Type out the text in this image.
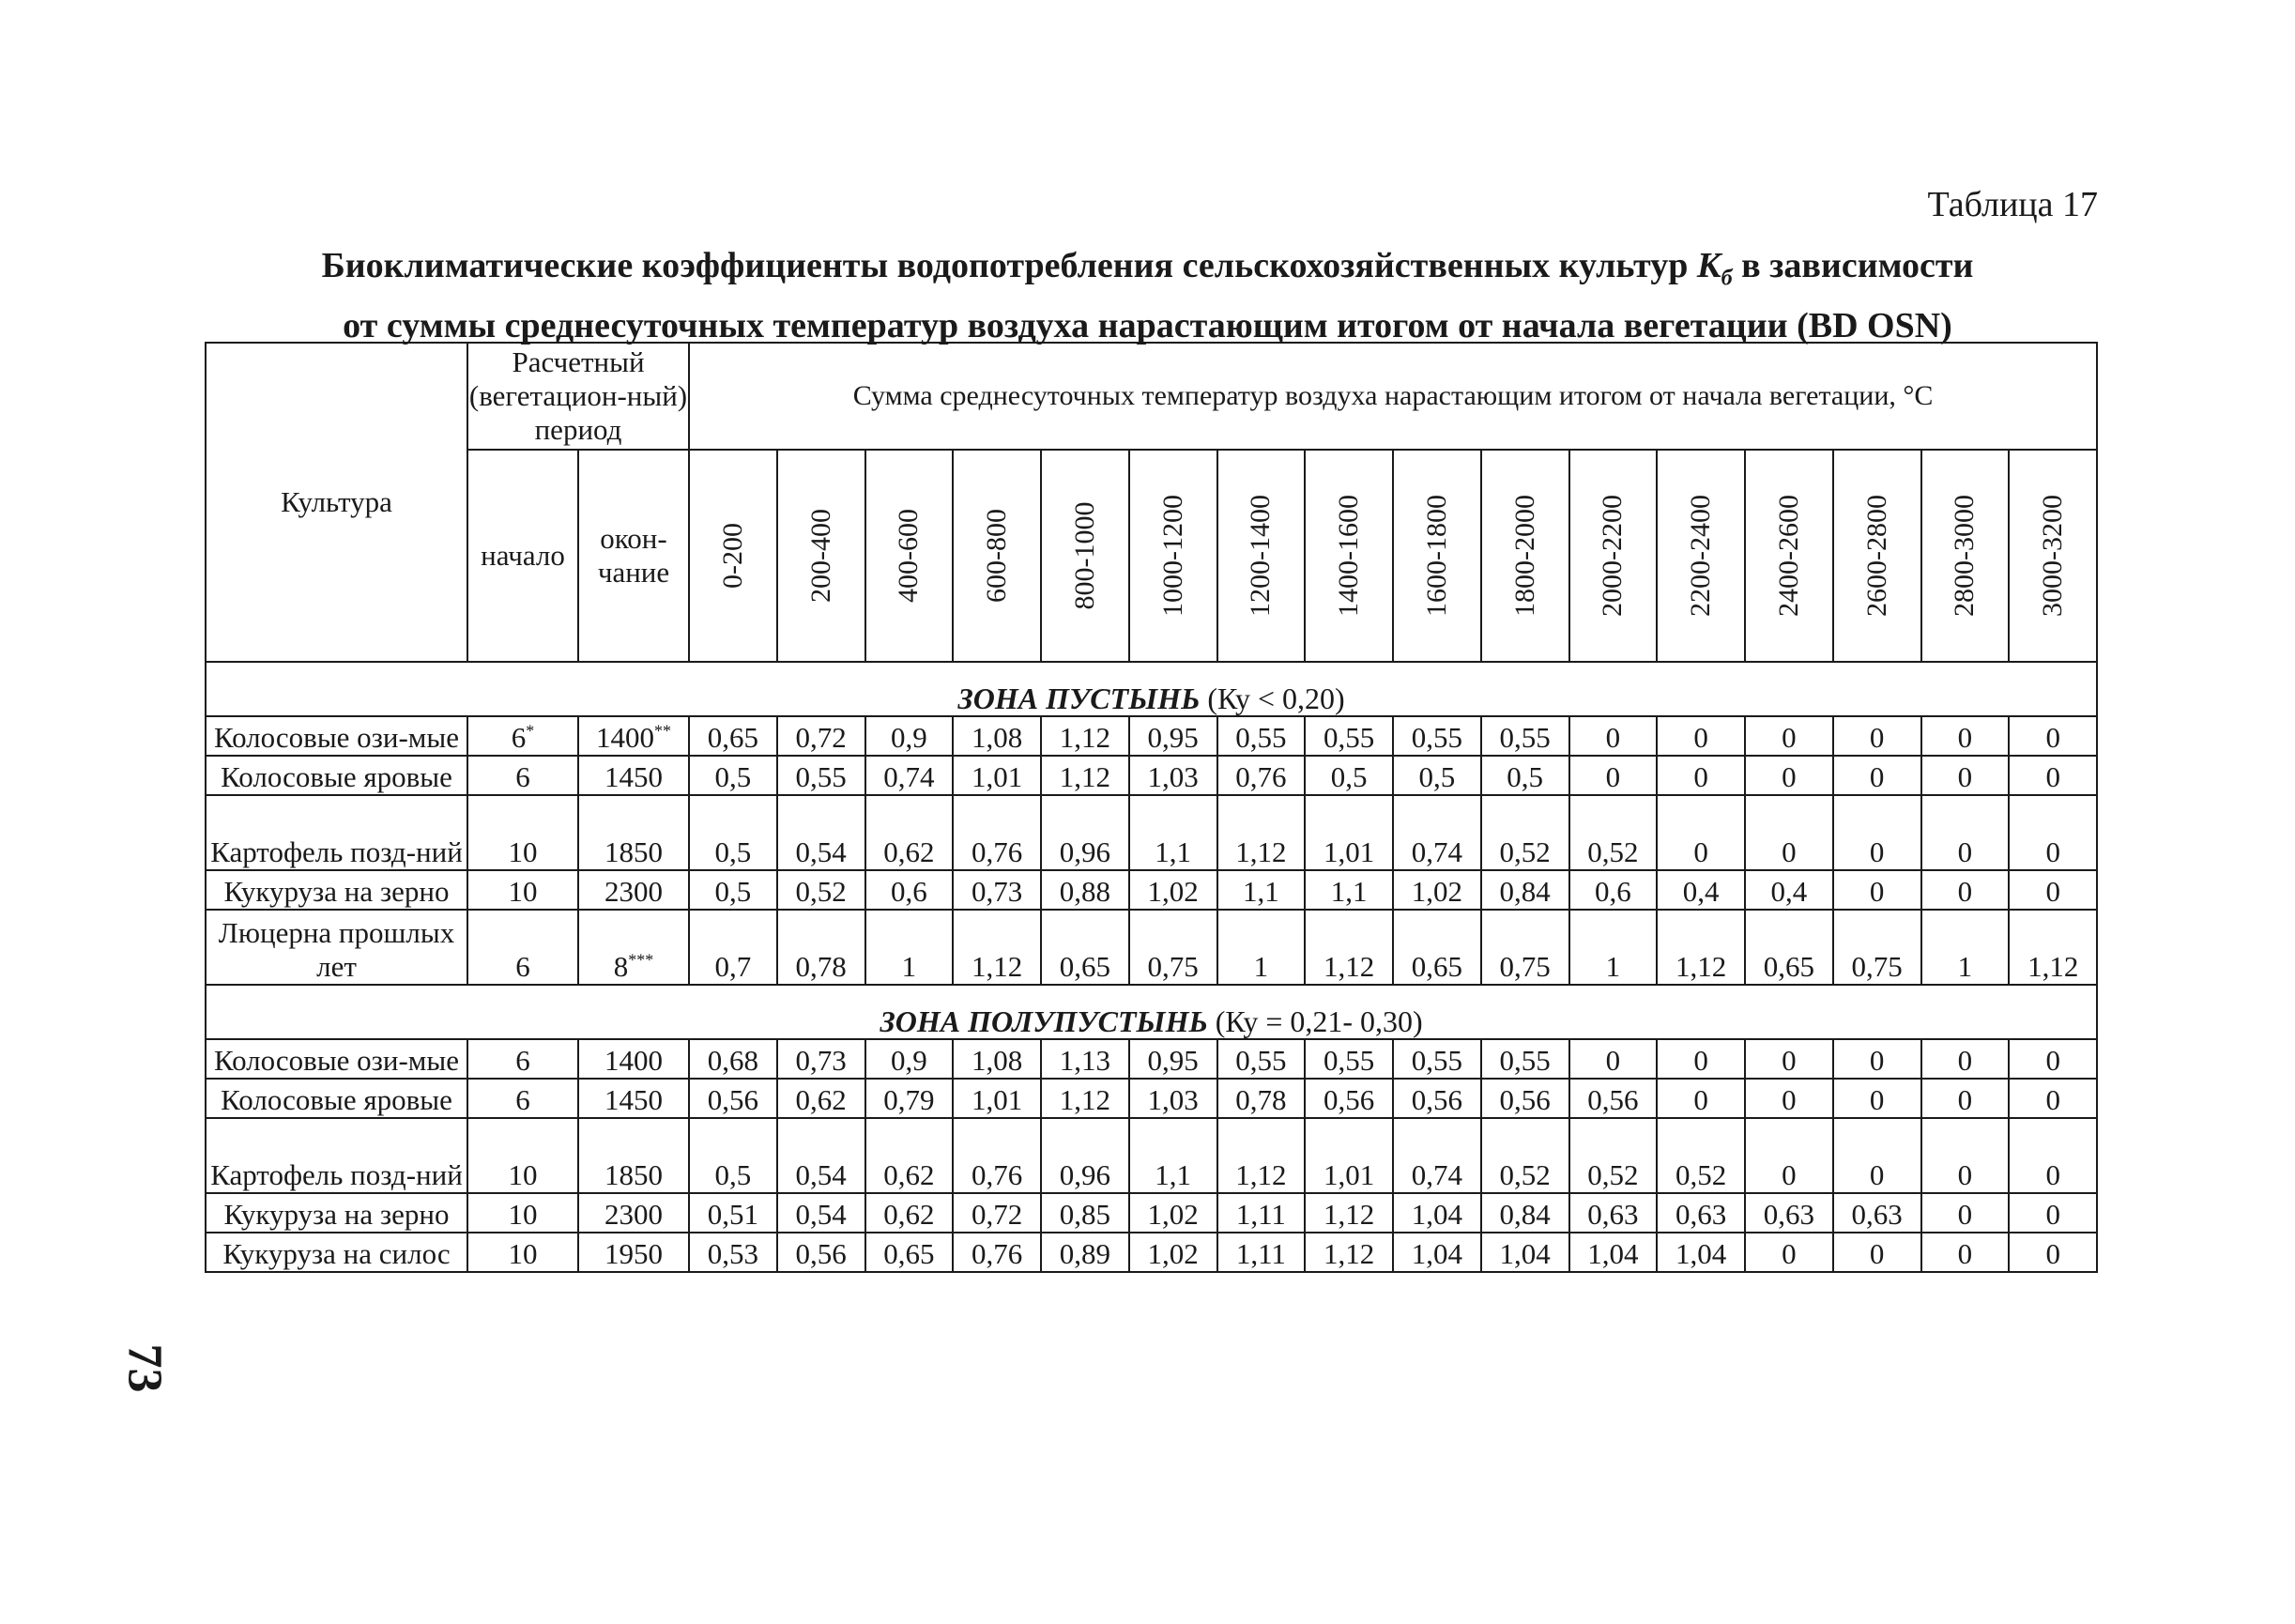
Таблица 17
Биоклиматические коэффициенты водопотребления сельскохозяйственных культур $К_б$ в зависимости
от суммы среднесуточных температур воздуха нарастающим итогом от начала вегетации (BD OSN)
Культура	Расчетный (вегетацион-ный) период		Сумма среднесуточных температур воздуха нарастающим итогом от начала вегетации, °С															
	начало	окон-чание	0-200	200-400	400-600	600-800	800-1000	1000-1200	1200-1400	1400-1600	1600-1800	1800-2000	2000-2200	2200-2400	2400-2600	2600-2800	2800-3000	3000-3200

ЗОНА ПУСТЫНЬ (Ку < 0,20)																		
Колосовые ози-мые	6*	1400**	0,65	0,72	0,9	1,08	1,12	0,95	0,55	0,55	0,55	0,55	0	0	0	0	0	0
Колосовые яровые	6	1450	0,5	0,55	0,74	1,01	1,12	1,03	0,76	0,5	0,5	0,5	0	0	0	0	0	0
Картофель позд-ний	10	1850	0,5	0,54	0,62	0,76	0,96	1,1	1,12	1,01	0,74	0,52	0,52	0	0	0	0	0
Кукуруза на зерно	10	2300	0,5	0,52	0,6	0,73	0,88	1,02	1,1	1,1	1,02	0,84	0,6	0,4	0,4	0	0	0
Люцерна прошлых лет	6	8***	0,7	0,78	1	1,12	0,65	0,75	1	1,12	0,65	0,75	1	1,12	0,65	0,75	1	1,12
ЗОНА ПОЛУПУСТЫНЬ (Ку = 0,21- 0,30)																		
Колосовые ози-мые	6	1400	0,68	0,73	0,9	1,08	1,13	0,95	0,55	0,55	0,55	0,55	0	0	0	0	0	0
Колосовые яровые	6	1450	0,56	0,62	0,79	1,01	1,12	1,03	0,78	0,56	0,56	0,56	0,56	0	0	0	0	0
Картофель позд-ний	10	1850	0,5	0,54	0,62	0,76	0,96	1,1	1,12	1,01	0,74	0,52	0,52	0,52	0	0	0	0
Кукуруза на зерно	10	2300	0,51	0,54	0,62	0,72	0,85	1,02	1,11	1,12	1,04	0,84	0,63	0,63	0,63	0,63	0	0
Кукуруза на силос	10	1950	0,53	0,56	0,65	0,76	0,89	1,02	1,11	1,12	1,04	1,04	1,04	1,04	0	0	0	0
73
